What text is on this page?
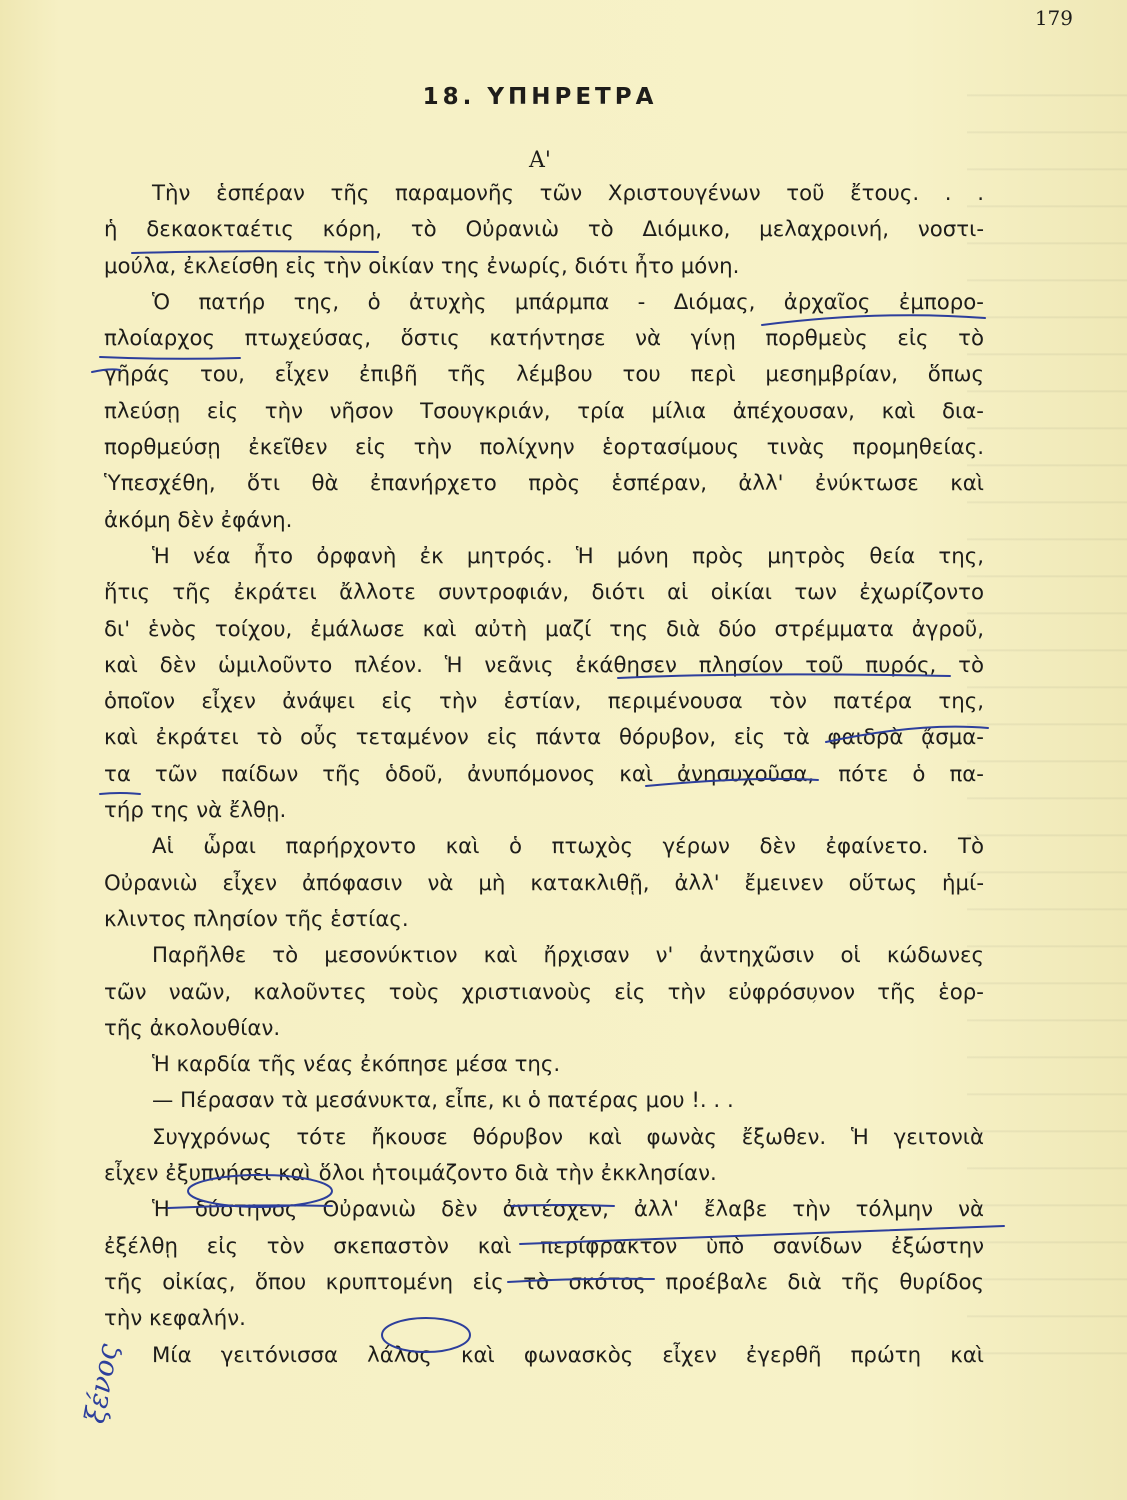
179
18. ΥΠΗΡΕΤΡΑ
Α'
Τὴν ἑσπέραν τῆς παραμονῆς τῶν Χριστουγένων τοῦ ἔτους. . .
ἡ δεκαοκταέτις κόρη, τὸ Οὐρανιὼ τὸ Διόμικο, μελαχροινή, νοστι-
μούλα, ἐκλείσθη εἰς τὴν οἰκίαν της ἐνωρίς, διότι ἦτο μόνη.
Ὁ πατήρ της, ὁ ἀτυχὴς μπάρμπα - Διόμας, ἀρχαῖος ἐμπορο-
πλοίαρχος πτωχεύσας, ὅστις κατήντησε νὰ γίνῃ πορθμεὺς εἰς τὸ
γῆράς του, εἶχεν ἐπιβῆ τῆς λέμβου του περὶ μεσημβρίαν, ὅπως
πλεύσῃ εἰς τὴν νῆσον Τσουγκριάν, τρία μίλια ἀπέχουσαν, καὶ δια-
πορθμεύσῃ ἐκεῖθεν εἰς τὴν πολίχνην ἑορτασίμους τινὰς προμηθείας.
Ὑπεσχέθη, ὅτι θὰ ἐπανήρχετο πρὸς ἑσπέραν, ἀλλ' ἐνύκτωσε καὶ
ἀκόμη δὲν ἐφάνη.
Ἡ νέα ἦτο ὀρφανὴ ἐκ μητρός. Ἡ μόνη πρὸς μητρὸς θεία της,
ἥτις τῆς ἐκράτει ἄλλοτε συντροφιάν, διότι αἱ οἰκίαι των ἐχωρίζοντο
δι' ἑνὸς τοίχου, ἐμάλωσε καὶ αὐτὴ μαζί της διὰ δύο στρέμματα ἀγροῦ,
καὶ δὲν ὡμιλοῦντο πλέον. Ἡ νεᾶνις ἐκάθησεν πλησίον τοῦ πυρός, τὸ
ὁποῖον εἶχεν ἀνάψει εἰς τὴν ἑστίαν, περιμένουσα τὸν πατέρα της,
καὶ ἐκράτει τὸ οὖς τεταμένον εἰς πάντα θόρυβον, εἰς τὰ φαιδρὰ ᾄσμα-
τα τῶν παίδων τῆς ὁδοῦ, ἀνυπόμονος καὶ ἀνησυχοῦσα, πότε ὁ πα-
τήρ της νὰ ἔλθῃ.
Αἱ ὧραι παρήρχοντο καὶ ὁ πτωχὸς γέρων δὲν ἐφαίνετο. Τὸ
Οὐρανιὼ εἶχεν ἀπόφασιν νὰ μὴ κατακλιθῇ, ἀλλ' ἔμεινεν οὕτως ἡμί-
κλιντος πλησίον τῆς ἑστίας.
Παρῆλθε τὸ μεσονύκτιον καὶ ἤρχισαν ν' ἀντηχῶσιν οἱ κώδωνες
τῶν ναῶν, καλοῦντες τοὺς χριστιανοὺς εἰς τὴν εὐφρόσυνον τῆς ἑορ-
τῆς ἀκολουθίαν.
Ἡ καρδία τῆς νέας ἐκόπησε μέσα της.
— Πέρασαν τὰ μεσάνυκτα, εἶπε, κι ὁ πατέρας μου !. . .
Συγχρόνως τότε ἤκουσε θόρυβον καὶ φωνὰς ἔξωθεν. Ἡ γειτονιὰ
εἶχεν ἐξυπνήσει καὶ ὅλοι ἡτοιμάζοντο διὰ τὴν ἐκκλησίαν.
Ἡ δύστηνος Οὐρανιὼ δὲν ἀντέσχεν, ἀλλ' ἔλαβε τὴν τόλμην νὰ
ἐξέλθῃ εἰς τὸν σκεπαστὸν καὶ περίφρακτον ὑπὸ σανίδων ἐξώστην
τῆς οἰκίας, ὅπου κρυπτομένη εἰς τὸ σκότος προέβαλε διὰ τῆς θυρίδος
τὴν κεφαλήν.
Μία γειτόνισσα λάλος καὶ φωνασκὸς εἶχεν ἐγερθῆ πρώτη καὶ
´
ξένος
